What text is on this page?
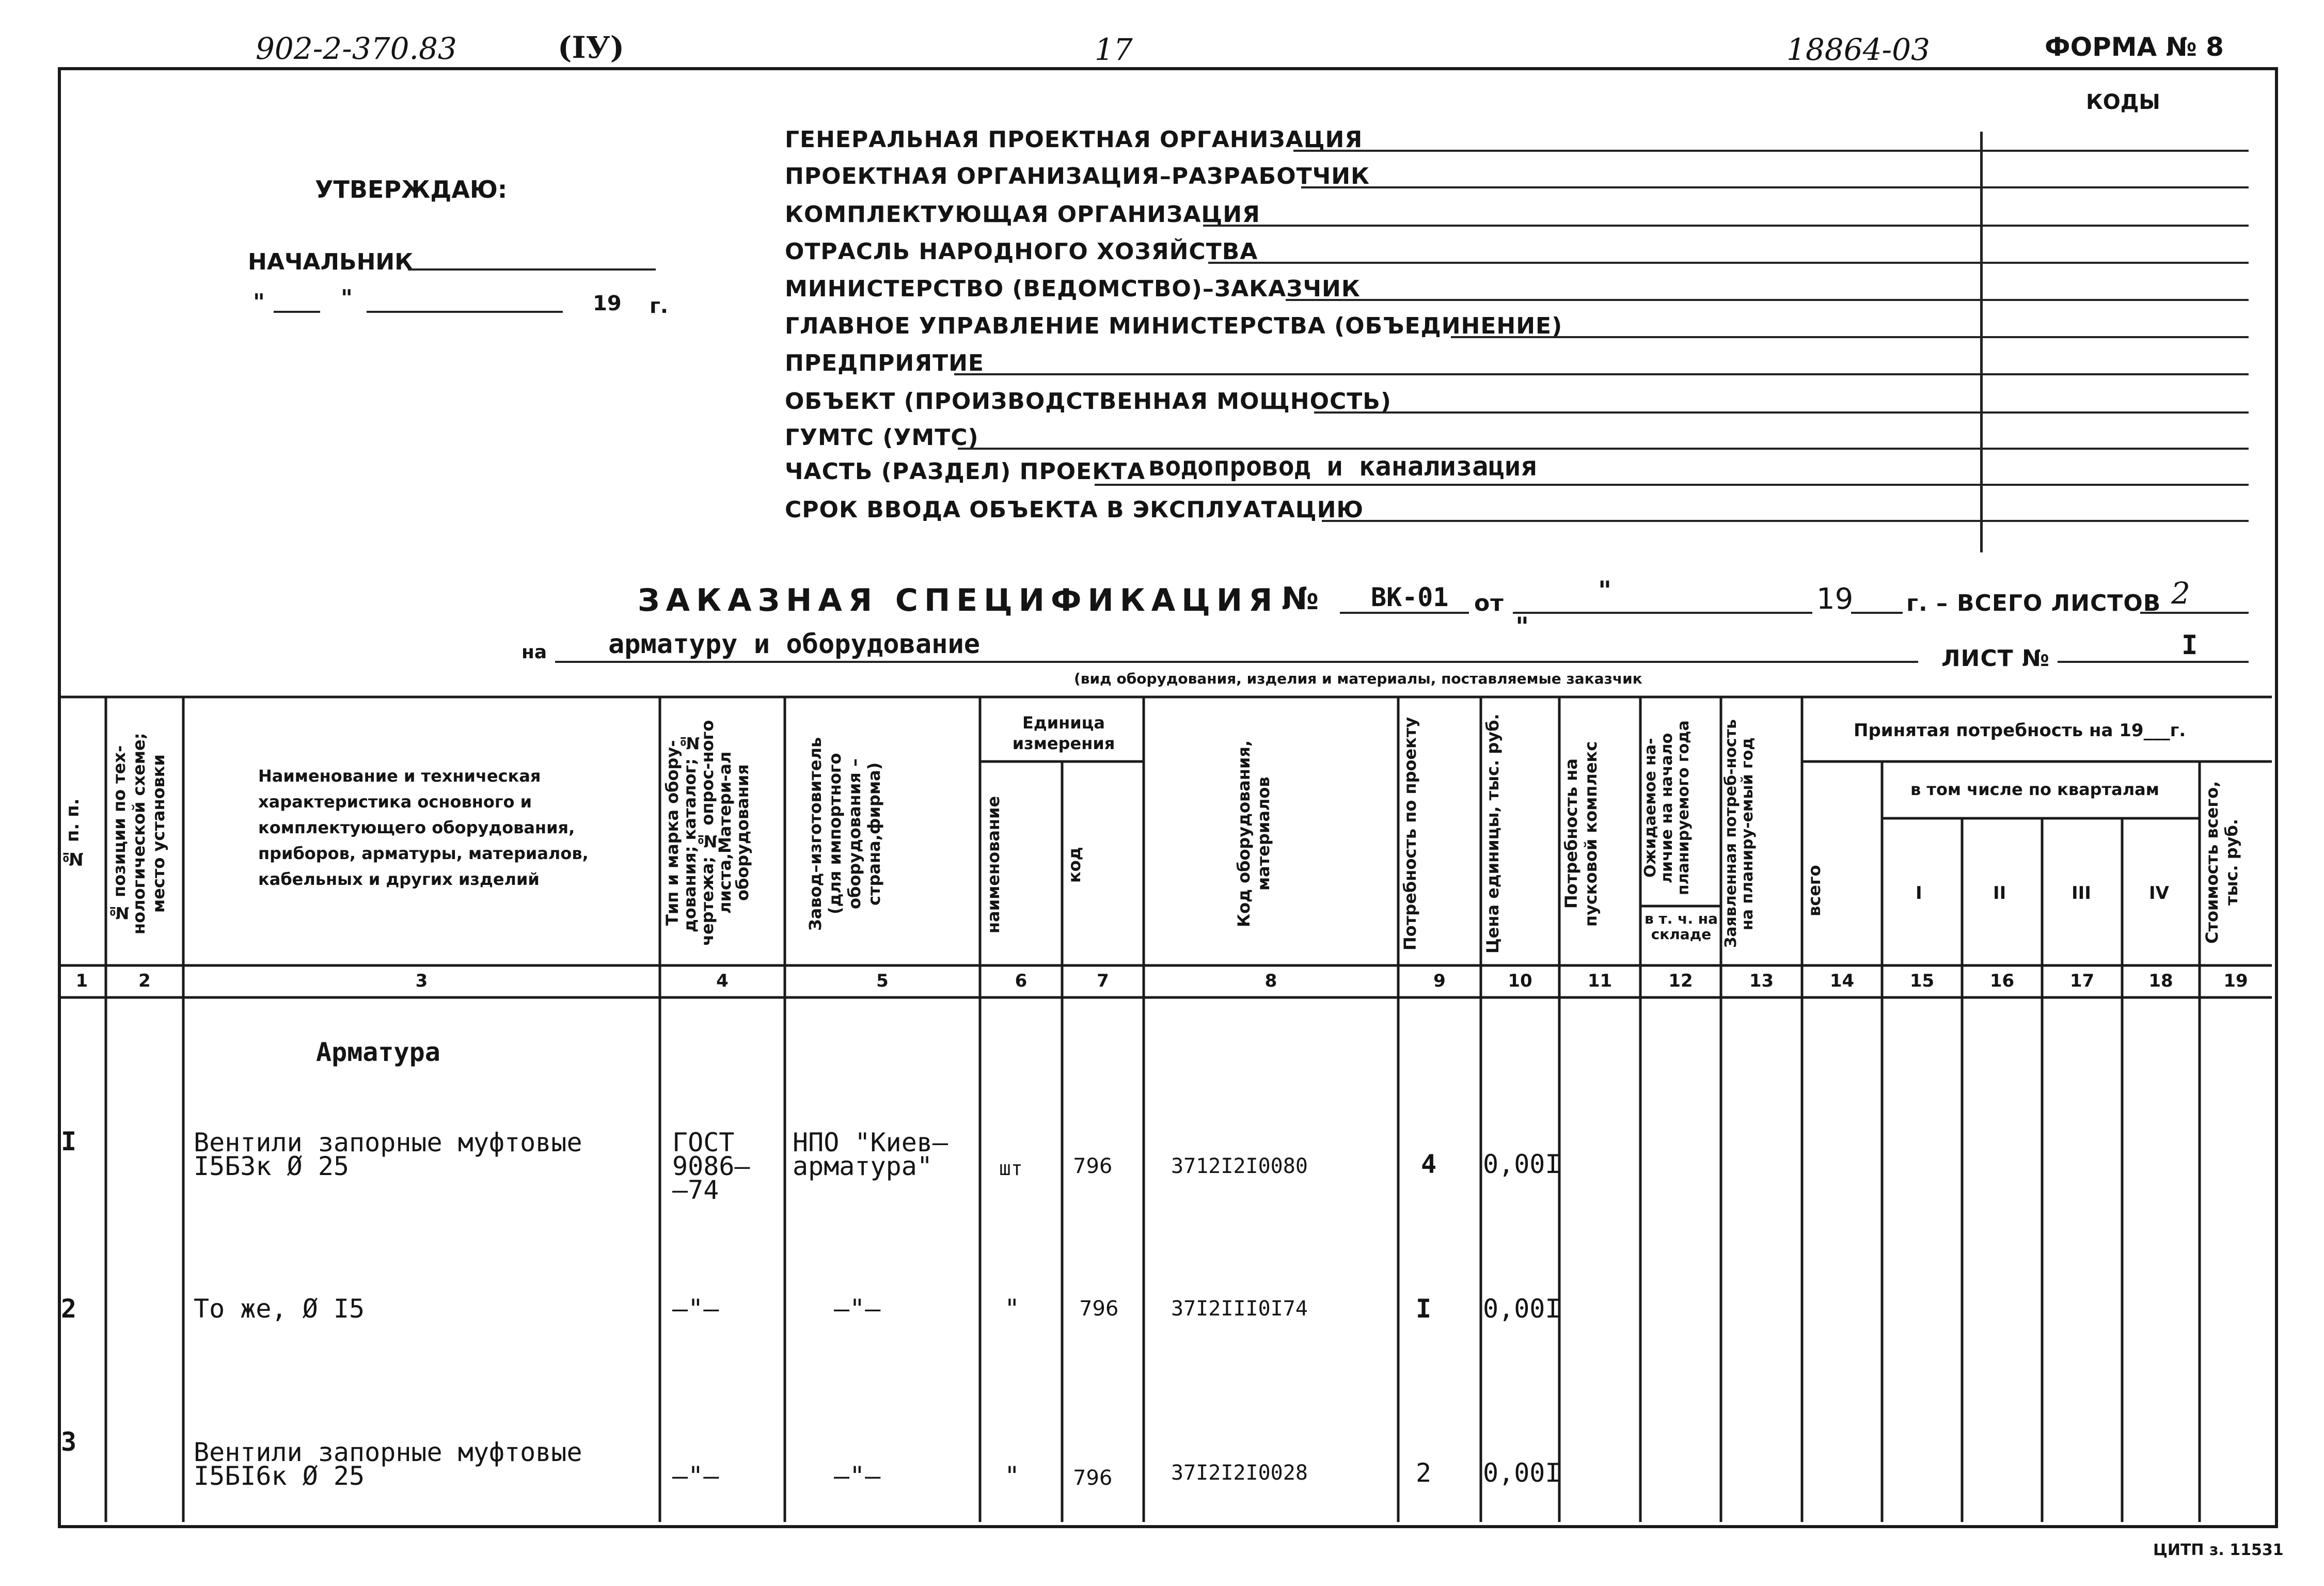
902-2-370.83	(IУ)	17	18864-03	ФОРМА № 8
УТВЕРЖДАЮ:
НАЧАЛЬНИК
"	"	19 г.
КОДЫ
ГЕНЕРАЛЬНАЯ ПРОЕКТНАЯ ОРГАНИЗАЦИЯ
ПРОЕКТНАЯ ОРГАНИЗАЦИЯ–РАЗРАБОТЧИК
КОМПЛЕКТУЮЩАЯ ОРГАНИЗАЦИЯ
ОТРАСЛЬ НАРОДНОГО ХОЗЯЙСТВА
МИНИСТЕРСТВО (ВЕДОМСТВО)–ЗАКАЗЧИК
ГЛАВНОЕ УПРАВЛЕНИЕ МИНИСТЕРСТВА (ОБЪЕДИНЕНИЕ)
ПРЕДПРИЯТИЕ
ОБЪЕКТ (ПРОИЗВОДСТВЕННАЯ МОЩНОСТЬ)
ГУМТС (УМТС)
ЧАСТЬ (РАЗДЕЛ) ПРОЕКТА водопровод и канализация
СРОК ВВОДА ОБЪЕКТА В ЭКСПЛУАТАЦИЮ
ЗАКАЗНАЯ СПЕЦИФИКАЦИЯ № ВК-01 от	"
"
19 г. – ВСЕГО ЛИСТОВ 2
на арматуру и оборудование	ЛИСТ №	I
(вид оборудования, изделия и материалы, поставляемые заказчик
№ п. п.	№ позиции по тех-нологической схеме; место установки	Наименование и техническая характеристика основного и комплектующего оборудования, приборов, арматуры, материалов, кабельных и других изделий	Тип и марка обору-дования; каталог; № чертежа; № опрос-ного листа,Матери-ал оборудования	Завод–изготовитель (для импортного оборудования –страна,фирма)
Единица измерения
наименование	код	Код оборудования, материалов	Потребность по проекту	Цена единицы, тыс. руб.	Потребность на пусковой комплекс	Ожидаемое на-личие на начало планируемого года
в т. ч. на складе Заявленная потреб-ность на планиру-емый год
Принятая потребность на 19___г.
всего
в том числе по кварталам
I	II	III	IV Стоимость всего, тыс. руб.
1	2	3	4	5	6	7	8	9	10	11	12	13	14	15	16	17	18	19
Арматура
I	Вентили запорные муфтовые
I5Б3к Ø 25
ГОСТ
9086–
–74
НПО "Киев–
арматура"	шт 796	3712I2I0080	4 0,00I
2	То же, Ø I5	–"–	–"–	"	796	37I2III0I74	I 0,00I
3	Вентили запорные муфтовые
I5БI6к Ø 25	–"–	–"–	"	796	37I2I2I0028	2 0,00I
ЦИТП з. 11531
